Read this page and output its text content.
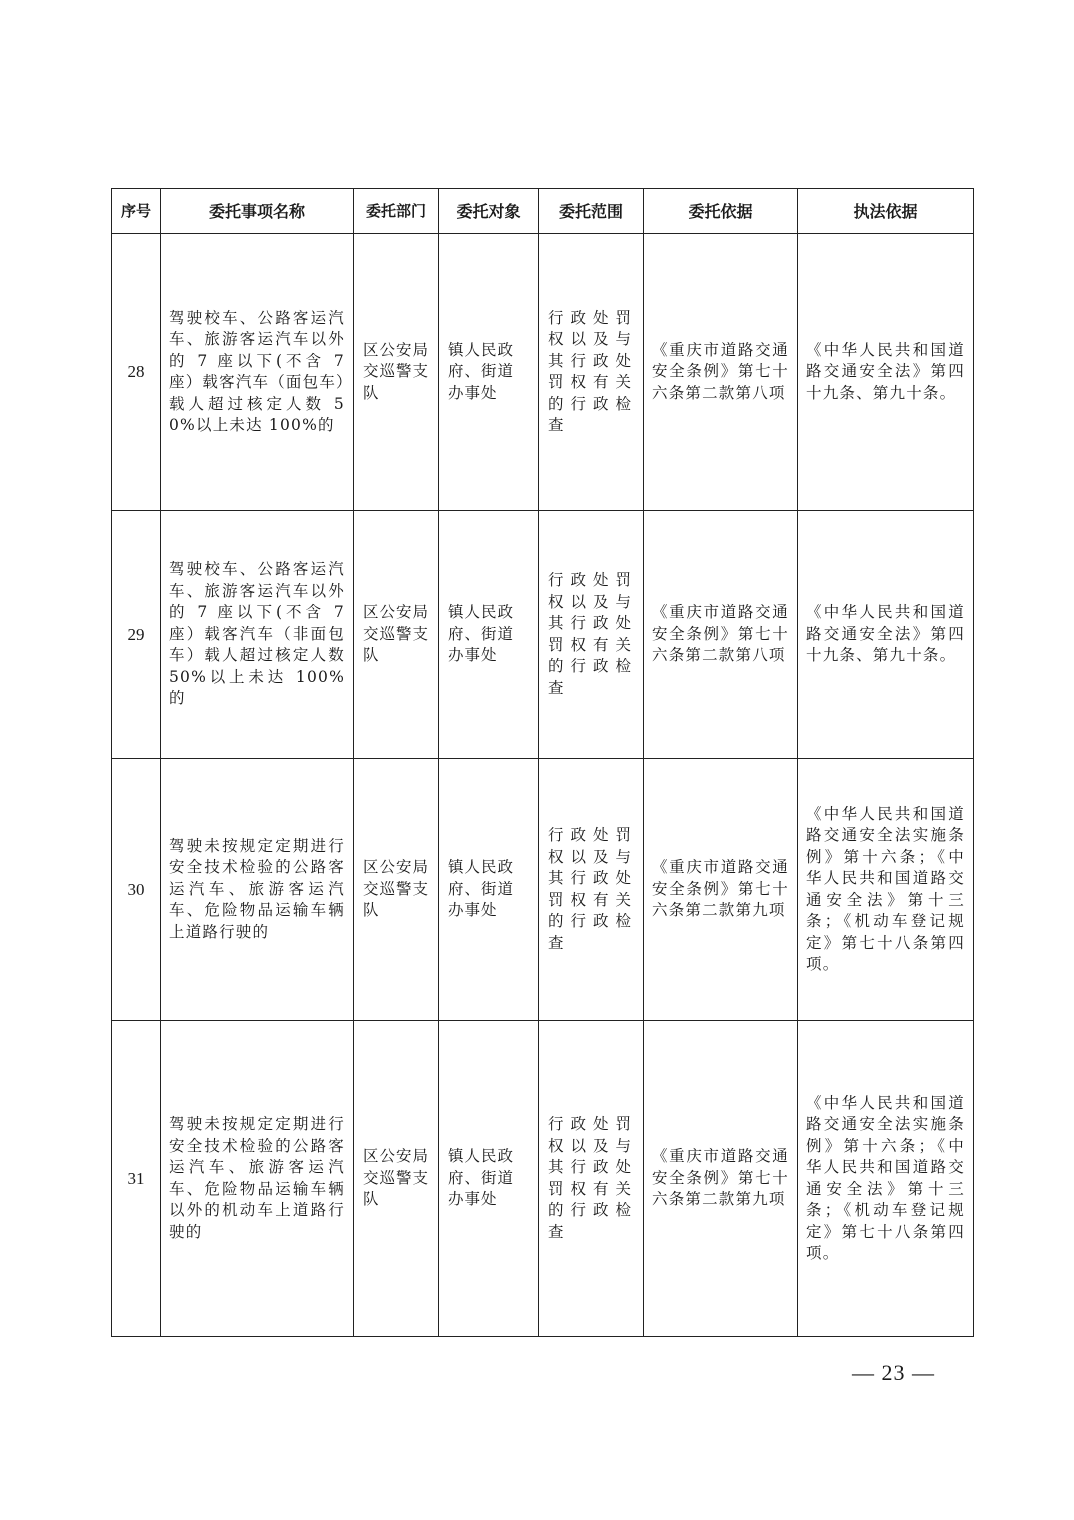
序号	委托事项名称	委托部门	委托对象	委托范围	委托依据	执法依据
28	驾驶校车、公路客运汽车、旅游客运汽车以外的 7 座以下(不含 7 座）载客汽车（面包车）载人超过核定人数 50%以上未达 100%的	区公安局交巡警支队	镇人民政府、街道办事处	行政处罚权以及与其行政处罚权有关的行政检查	《重庆市道路交通安全条例》第七十六条第二款第八项	《中华人民共和国道路交通安全法》第四十九条、第九十条。
29	驾驶校车、公路客运汽车、旅游客运汽车以外的 7 座以下(不含 7 座）载客汽车（非面包车）载人超过核定人数 50%以上未达 100%的	区公安局交巡警支队	镇人民政府、街道办事处	行政处罚权以及与其行政处罚权有关的行政检查	《重庆市道路交通安全条例》第七十六条第二款第八项	《中华人民共和国道路交通安全法》第四十九条、第九十条。
30	驾驶未按规定定期进行安全技术检验的公路客运汽车、旅游客运汽车、危险物品运输车辆上道路行驶的	区公安局交巡警支队	镇人民政府、街道办事处	行政处罚权以及与其行政处罚权有关的行政检查	《重庆市道路交通安全条例》第七十六条第二款第九项	《中华人民共和国道路交通安全法实施条例》第十六条；《中华人民共和国道路交通安全法》第十三条；《机动车登记规定》第七十八条第四项。
31	驾驶未按规定定期进行安全技术检验的公路客运汽车、旅游客运汽车、危险物品运输车辆以外的机动车上道路行驶的	区公安局交巡警支队	镇人民政府、街道办事处	行政处罚权以及与其行政处罚权有关的行政检查	《重庆市道路交通安全条例》第七十六条第二款第九项	《中华人民共和国道路交通安全法实施条例》第十六条；《中华人民共和国道路交通安全法》第十三条；《机动车登记规定》第七十八条第四项。
— 23 —
